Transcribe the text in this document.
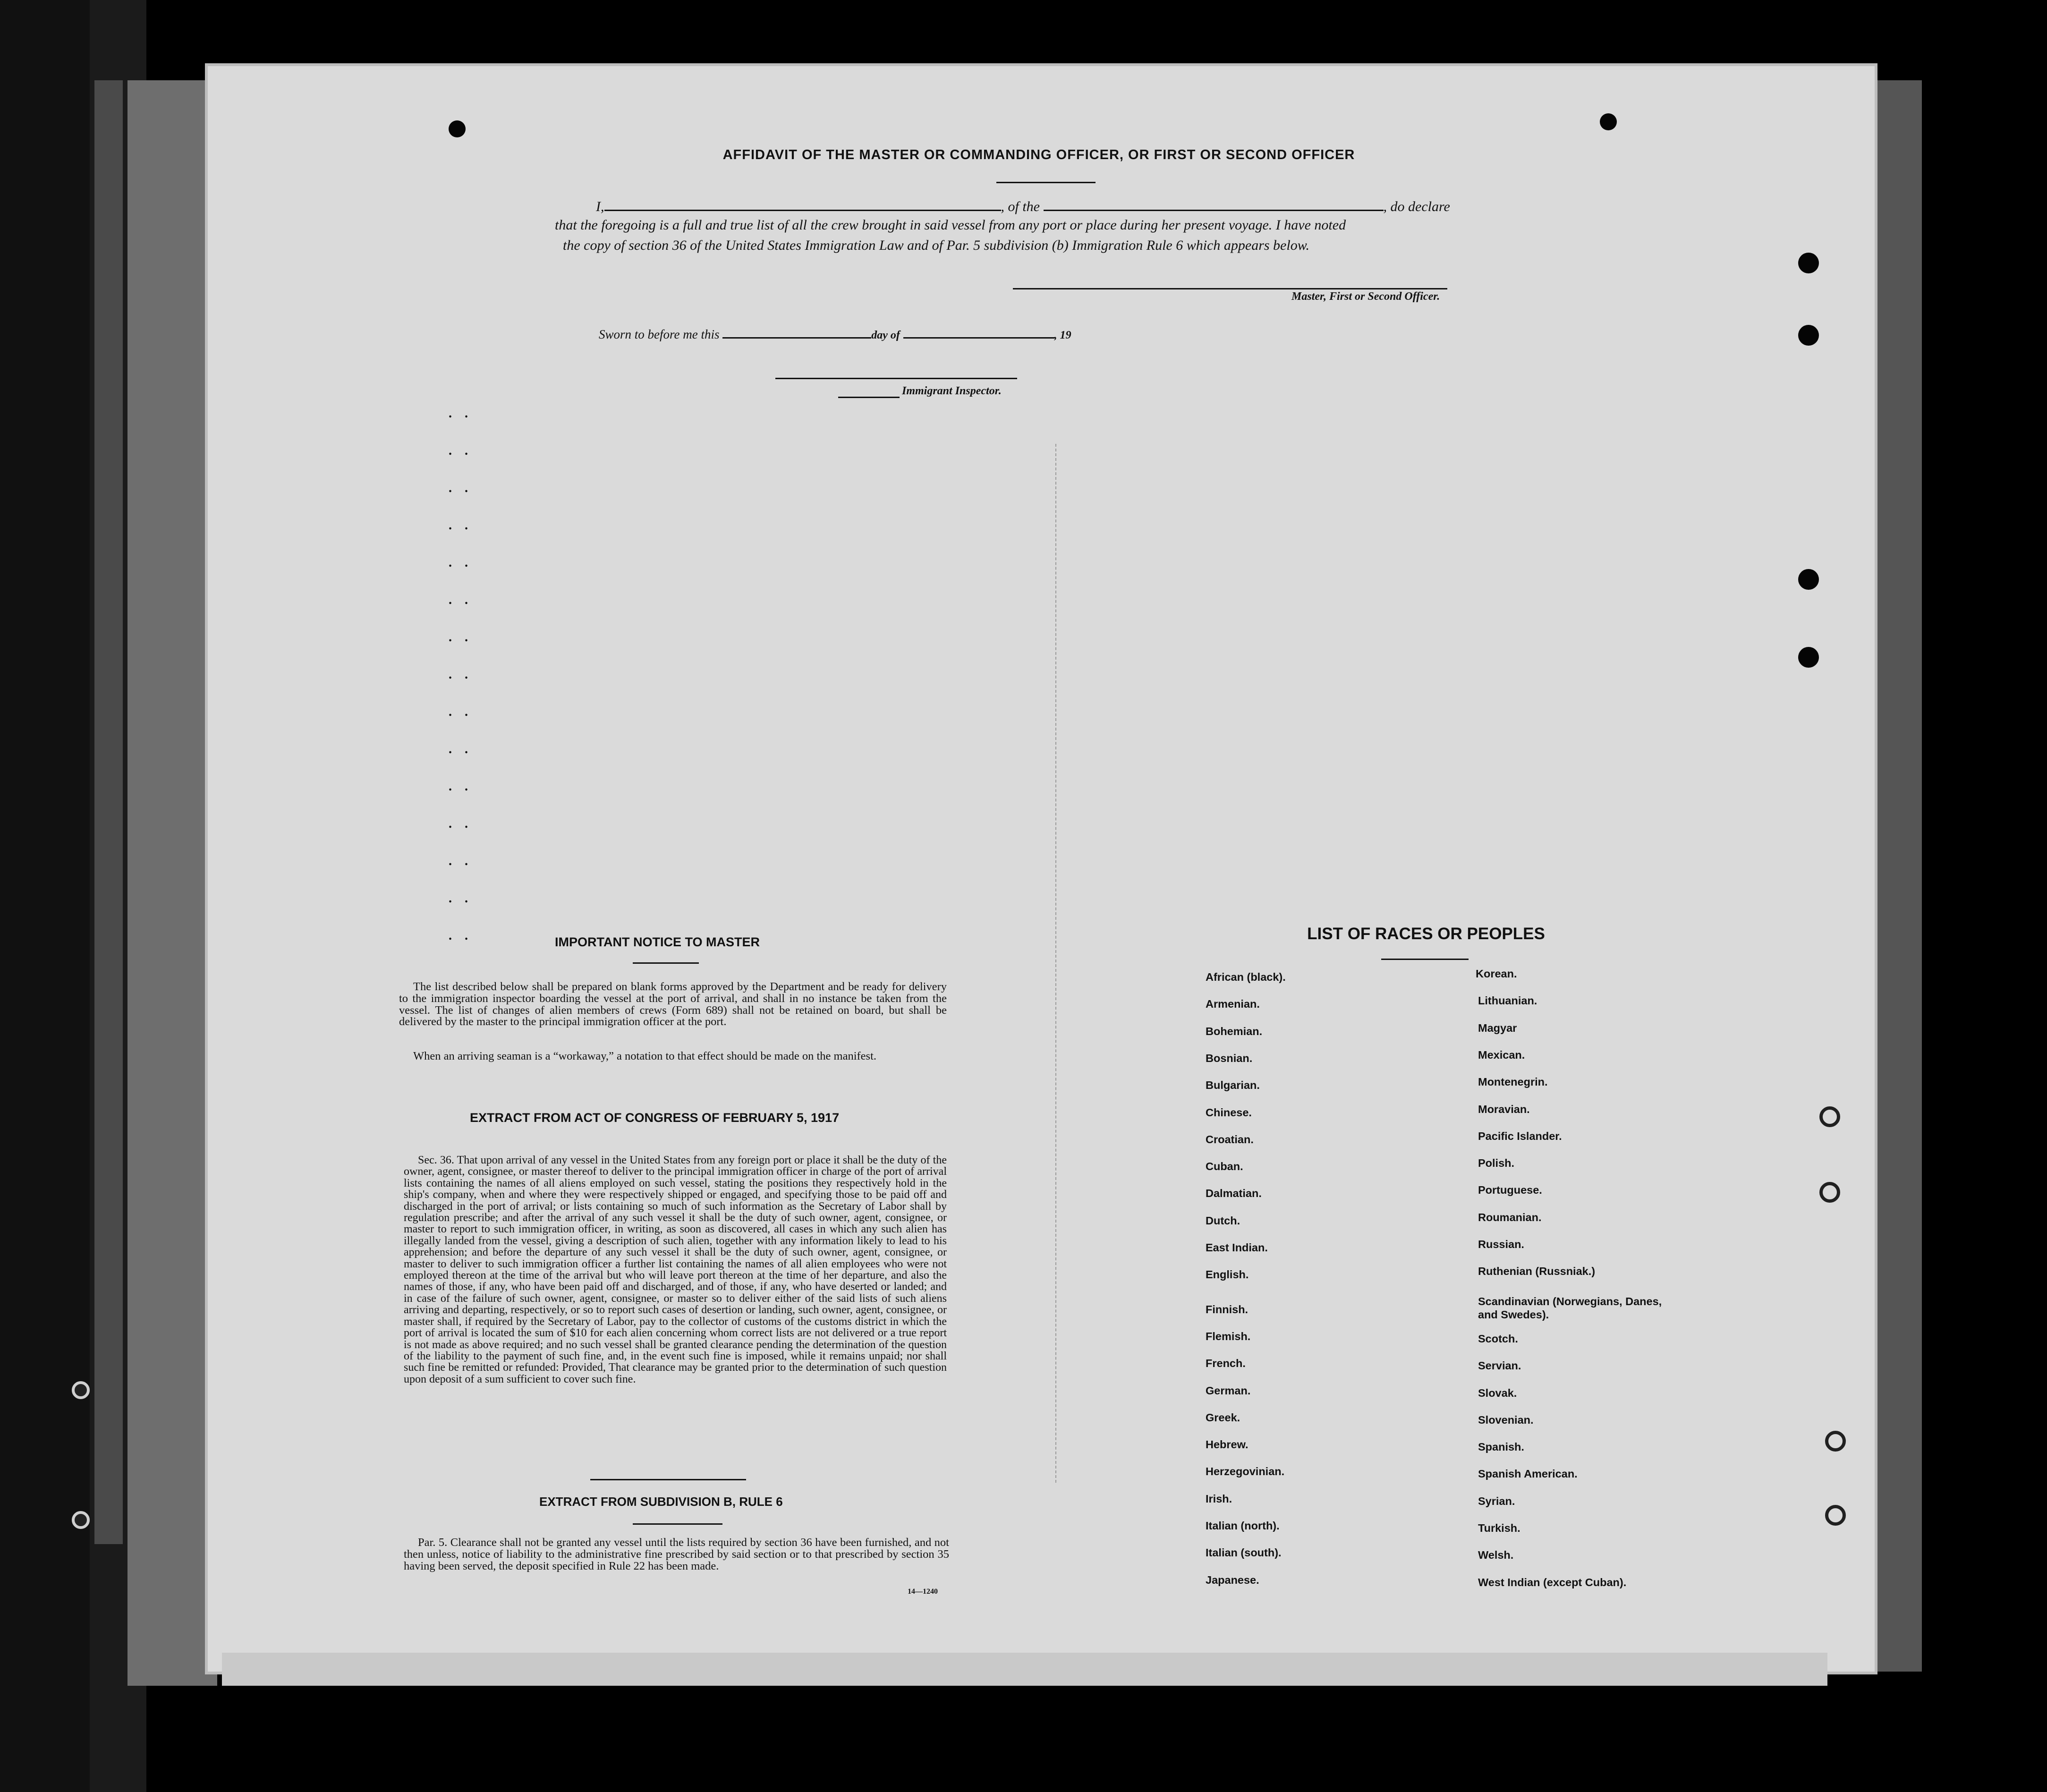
AFFIDAVIT OF THE MASTER OR COMMANDING OFFICER, OR FIRST OR SECOND OFFICER
I,	, of the	, do declare
that the foregoing is a full and true list of all the crew brought in said vessel from any port or place during her present voyage. I have noted
the copy of section 36 of the United States Immigration Law and of Par. 5 subdivision (b) Immigration Rule 6 which appears below.
Master, First or Second Officer.
Sworn to before me this	day of	, 19
Immigrant Inspector.
. .
. .
. .
. .
. .
. .
. .
. .
. .
. .
. .
. .
. .
. .
. .	IMPORTANT NOTICE TO MASTER

The list described below shall be prepared on blank forms approved by the Department and be ready for delivery to the immigration inspector boarding the vessel at the port of arrival, and shall in no instance be taken from the vessel. The list of changes of alien members of crews (Form 689) shall not be retained on board, but shall be delivered by the master to the principal immigration officer at the port.

When an arriving seaman is a “workaway,” a notation to that effect should be made on the manifest.

EXTRACT FROM ACT OF CONGRESS OF FEBRUARY 5, 1917

Sec. 36. That upon arrival of any vessel in the United States from any foreign port or place it shall be the duty of the owner, agent, consignee, or master thereof to deliver to the principal immigration officer in charge of the port of arrival lists containing the names of all aliens employed on such vessel, stating the positions they respectively hold in the ship's company, when and where they were respectively shipped or engaged, and specifying those to be paid off and discharged in the port of arrival; or lists containing so much of such information as the Secretary of Labor shall by regulation prescribe; and after the arrival of any such vessel it shall be the duty of such owner, agent, consignee, or master to report to such immigration officer, in writing, as soon as discovered, all cases in which any such alien has illegally landed from the vessel, giving a description of such alien, together with any information likely to lead to his apprehension; and before the departure of any such vessel it shall be the duty of such owner, agent, consignee, or master to deliver to such immigration officer a further list containing the names of all alien employees who were not employed thereon at the time of the arrival but who will leave port thereon at the time of her departure, and also the names of those, if any, who have been paid off and discharged, and of those, if any, who have deserted or landed; and in case of the failure of such owner, agent, consignee, or master so to deliver either of the said lists of such aliens arriving and departing, respectively, or so to report such cases of desertion or landing, such owner, agent, consignee, or master shall, if required by the Secretary of Labor, pay to the collector of customs of the customs district in which the port of arrival is located the sum of $10 for each alien concerning whom correct lists are not delivered or a true report is not made as above required; and no such vessel shall be granted clearance pending the determination of the question of the liability to the payment of such fine, and, in the event such fine is imposed, while it remains unpaid; nor shall such fine be remitted or refunded: Provided, That clearance may be granted prior to the determination of such question upon deposit of a sum sufficient to cover such fine.

EXTRACT FROM SUBDIVISION B, RULE 6

Par. 5. Clearance shall not be granted any vessel until the lists required by section 36 have been furnished, and not then unless, notice of liability to the administrative fine prescribed by said section or to that prescribed by section 35 having been served, the deposit specified in Rule 22 has been made.

14—1240
LIST OF RACES OR PEOPLES
African (black).
Armenian.
Bohemian.
Bosnian.
Bulgarian.
Chinese.
Croatian.
Cuban.
Dalmatian.
Dutch.
East Indian.
English.
Finnish.
Flemish.
French.
German.
Greek.
Hebrew.
Herzegovinian.
Irish.
Italian (north).
Italian (south).
Japanese.
Korean.
Lithuanian.
Magyar
Mexican.
Montenegrin.
Moravian.
Pacific Islander.
Polish.
Portuguese.
Roumanian.
Russian.
Ruthenian (Russniak.)
Scandinavian (Norwegians, Danes, and Swedes).
Scotch.
Servian.
Slovak.
Slovenian.
Spanish.
Spanish American.
Syrian.
Turkish.
Welsh.
West Indian (except Cuban).
